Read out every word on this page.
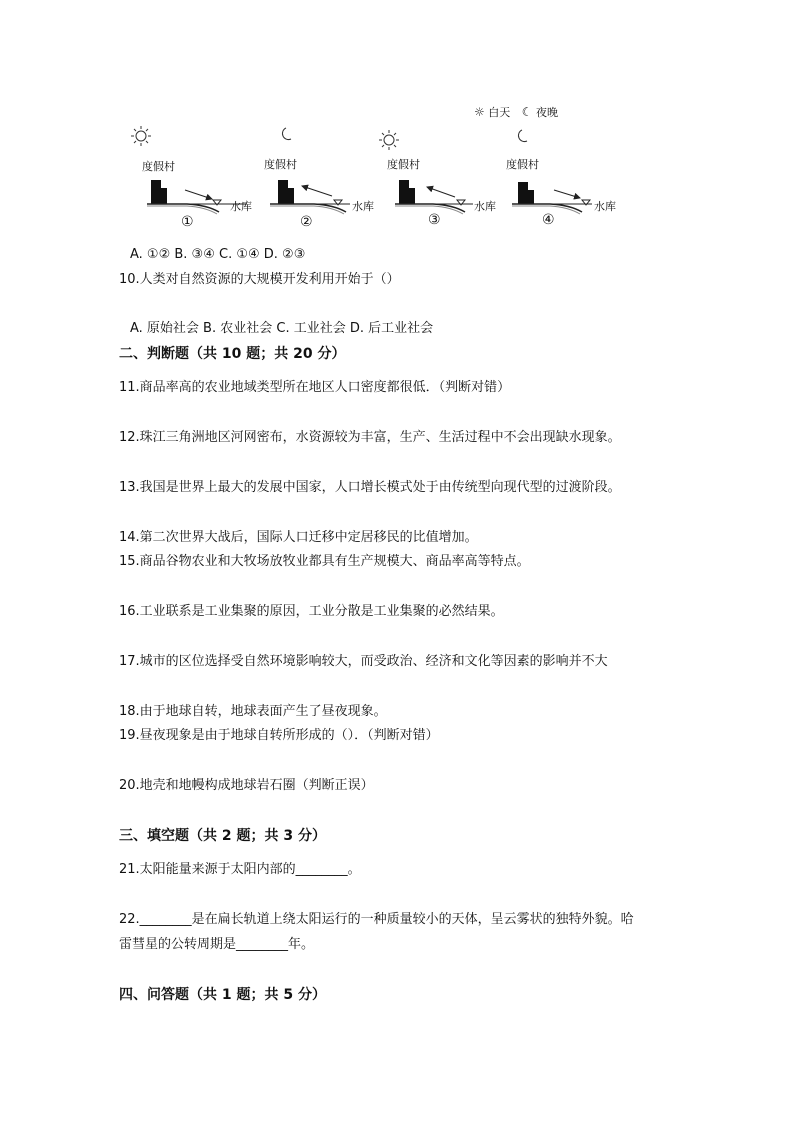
☼ 白天 ☾ 夜晚
度假村
水库
①
度假村
水库
②
度假村
水库
③
度假村
水库
④
A. ①② B. ③④ C. ①④ D. ②③
10.人类对自然资源的大规模开发利用开始于（）
A. 原始社会 B. 农业社会 C. 工业社会 D. 后工业社会
二、判断题（共 10 题；共 20 分）
11.商品率高的农业地域类型所在地区人口密度都很低．（判断对错）
12.珠江三角洲地区河网密布，水资源较为丰富，生产、生活过程中不会出现缺水现象。
13.我国是世界上最大的发展中国家，人口增长模式处于由传统型向现代型的过渡阶段。
14.第二次世界大战后，国际人口迁移中定居移民的比值增加。
15.商品谷物农业和大牧场放牧业都具有生产规模大、商品率高等特点。
16.工业联系是工业集聚的原因，工业分散是工业集聚的必然结果。
17.城市的区位选择受自然环境影响较大，而受政治、经济和文化等因素的影响并不大
18.由于地球自转，地球表面产生了昼夜现象。
19.昼夜现象是由于地球自转所形成的（）．（判断对错）
20.地壳和地幔构成地球岩石圈（判断正误）
三、填空题（共 2 题；共 3 分）
21.太阳能量来源于太阳内部的________。
22.________是在扁长轨道上绕太阳运行的一种质量较小的天体，呈云雾状的独特外貌。哈
雷彗星的公转周期是________年。
四、问答题（共 1 题；共 5 分）
